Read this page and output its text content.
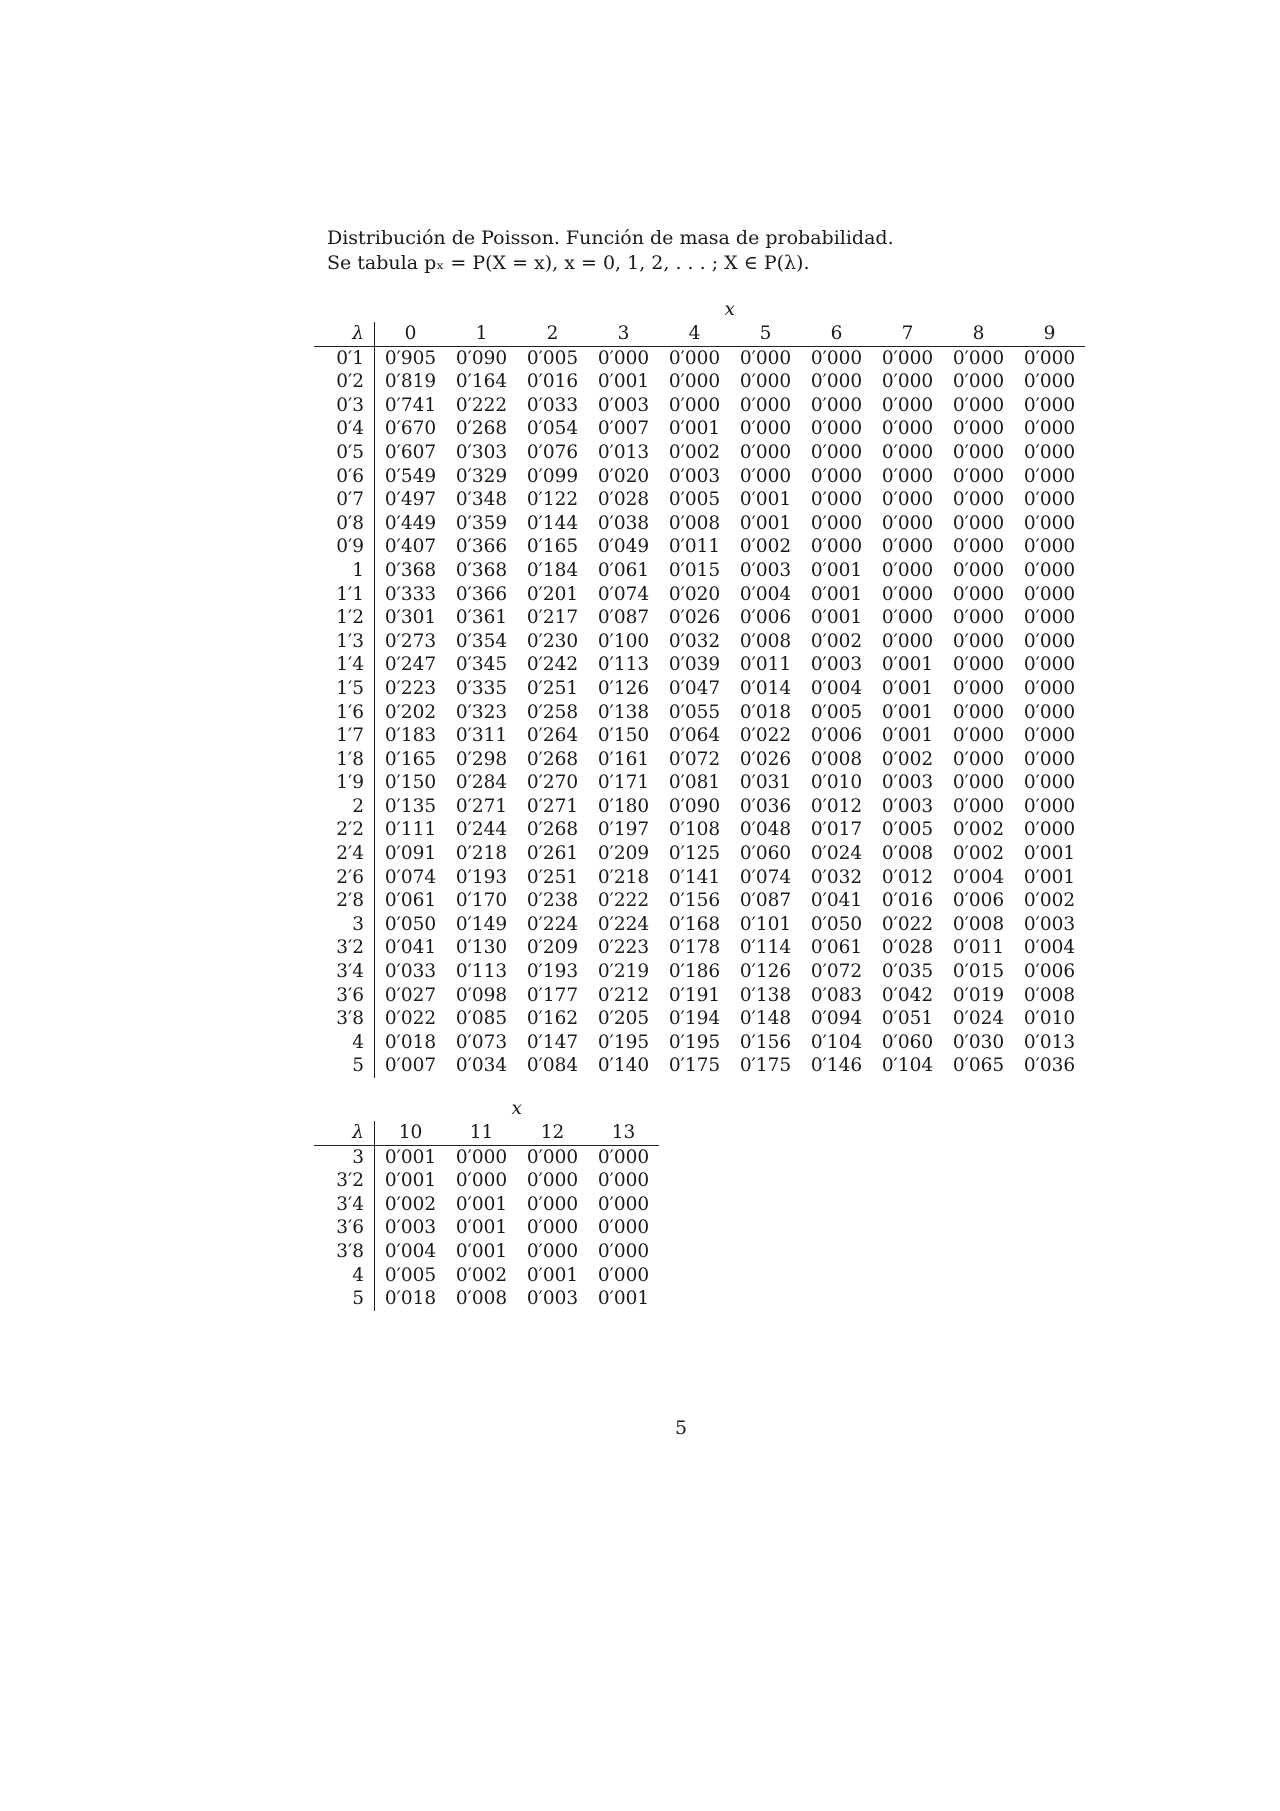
Distribución de Poisson. Función de masa de probabilidad.
Se tabula pₓ = P(X = x), x = 0, 1, 2, . . . ; X ∈ P(λ).
	x									
λ	0	1	2	3	4	5	6	7	8	9
0′1	0′905	0′090	0′005	0′000	0′000	0′000	0′000	0′000	0′000	0′000
0′2	0′819	0′164	0′016	0′001	0′000	0′000	0′000	0′000	0′000	0′000
0′3	0′741	0′222	0′033	0′003	0′000	0′000	0′000	0′000	0′000	0′000
0′4	0′670	0′268	0′054	0′007	0′001	0′000	0′000	0′000	0′000	0′000
0′5	0′607	0′303	0′076	0′013	0′002	0′000	0′000	0′000	0′000	0′000
0′6	0′549	0′329	0′099	0′020	0′003	0′000	0′000	0′000	0′000	0′000
0′7	0′497	0′348	0′122	0′028	0′005	0′001	0′000	0′000	0′000	0′000
0′8	0′449	0′359	0′144	0′038	0′008	0′001	0′000	0′000	0′000	0′000
0′9	0′407	0′366	0′165	0′049	0′011	0′002	0′000	0′000	0′000	0′000
1	0′368	0′368	0′184	0′061	0′015	0′003	0′001	0′000	0′000	0′000
1′1	0′333	0′366	0′201	0′074	0′020	0′004	0′001	0′000	0′000	0′000
1′2	0′301	0′361	0′217	0′087	0′026	0′006	0′001	0′000	0′000	0′000
1′3	0′273	0′354	0′230	0′100	0′032	0′008	0′002	0′000	0′000	0′000
1′4	0′247	0′345	0′242	0′113	0′039	0′011	0′003	0′001	0′000	0′000
1′5	0′223	0′335	0′251	0′126	0′047	0′014	0′004	0′001	0′000	0′000
1′6	0′202	0′323	0′258	0′138	0′055	0′018	0′005	0′001	0′000	0′000
1′7	0′183	0′311	0′264	0′150	0′064	0′022	0′006	0′001	0′000	0′000
1′8	0′165	0′298	0′268	0′161	0′072	0′026	0′008	0′002	0′000	0′000
1′9	0′150	0′284	0′270	0′171	0′081	0′031	0′010	0′003	0′000	0′000
2	0′135	0′271	0′271	0′180	0′090	0′036	0′012	0′003	0′000	0′000
2′2	0′111	0′244	0′268	0′197	0′108	0′048	0′017	0′005	0′002	0′000
2′4	0′091	0′218	0′261	0′209	0′125	0′060	0′024	0′008	0′002	0′001
2′6	0′074	0′193	0′251	0′218	0′141	0′074	0′032	0′012	0′004	0′001
2′8	0′061	0′170	0′238	0′222	0′156	0′087	0′041	0′016	0′006	0′002
3	0′050	0′149	0′224	0′224	0′168	0′101	0′050	0′022	0′008	0′003
3′2	0′041	0′130	0′209	0′223	0′178	0′114	0′061	0′028	0′011	0′004
3′4	0′033	0′113	0′193	0′219	0′186	0′126	0′072	0′035	0′015	0′006
3′6	0′027	0′098	0′177	0′212	0′191	0′138	0′083	0′042	0′019	0′008
3′8	0′022	0′085	0′162	0′205	0′194	0′148	0′094	0′051	0′024	0′010
4	0′018	0′073	0′147	0′195	0′195	0′156	0′104	0′060	0′030	0′013
5	0′007	0′034	0′084	0′140	0′175	0′175	0′146	0′104	0′065	0′036
	x			
λ	10	11	12	13
3	0′001	0′000	0′000	0′000
3′2	0′001	0′000	0′000	0′000
3′4	0′002	0′001	0′000	0′000
3′6	0′003	0′001	0′000	0′000
3′8	0′004	0′001	0′000	0′000
4	0′005	0′002	0′001	0′000
5	0′018	0′008	0′003	0′001
5
